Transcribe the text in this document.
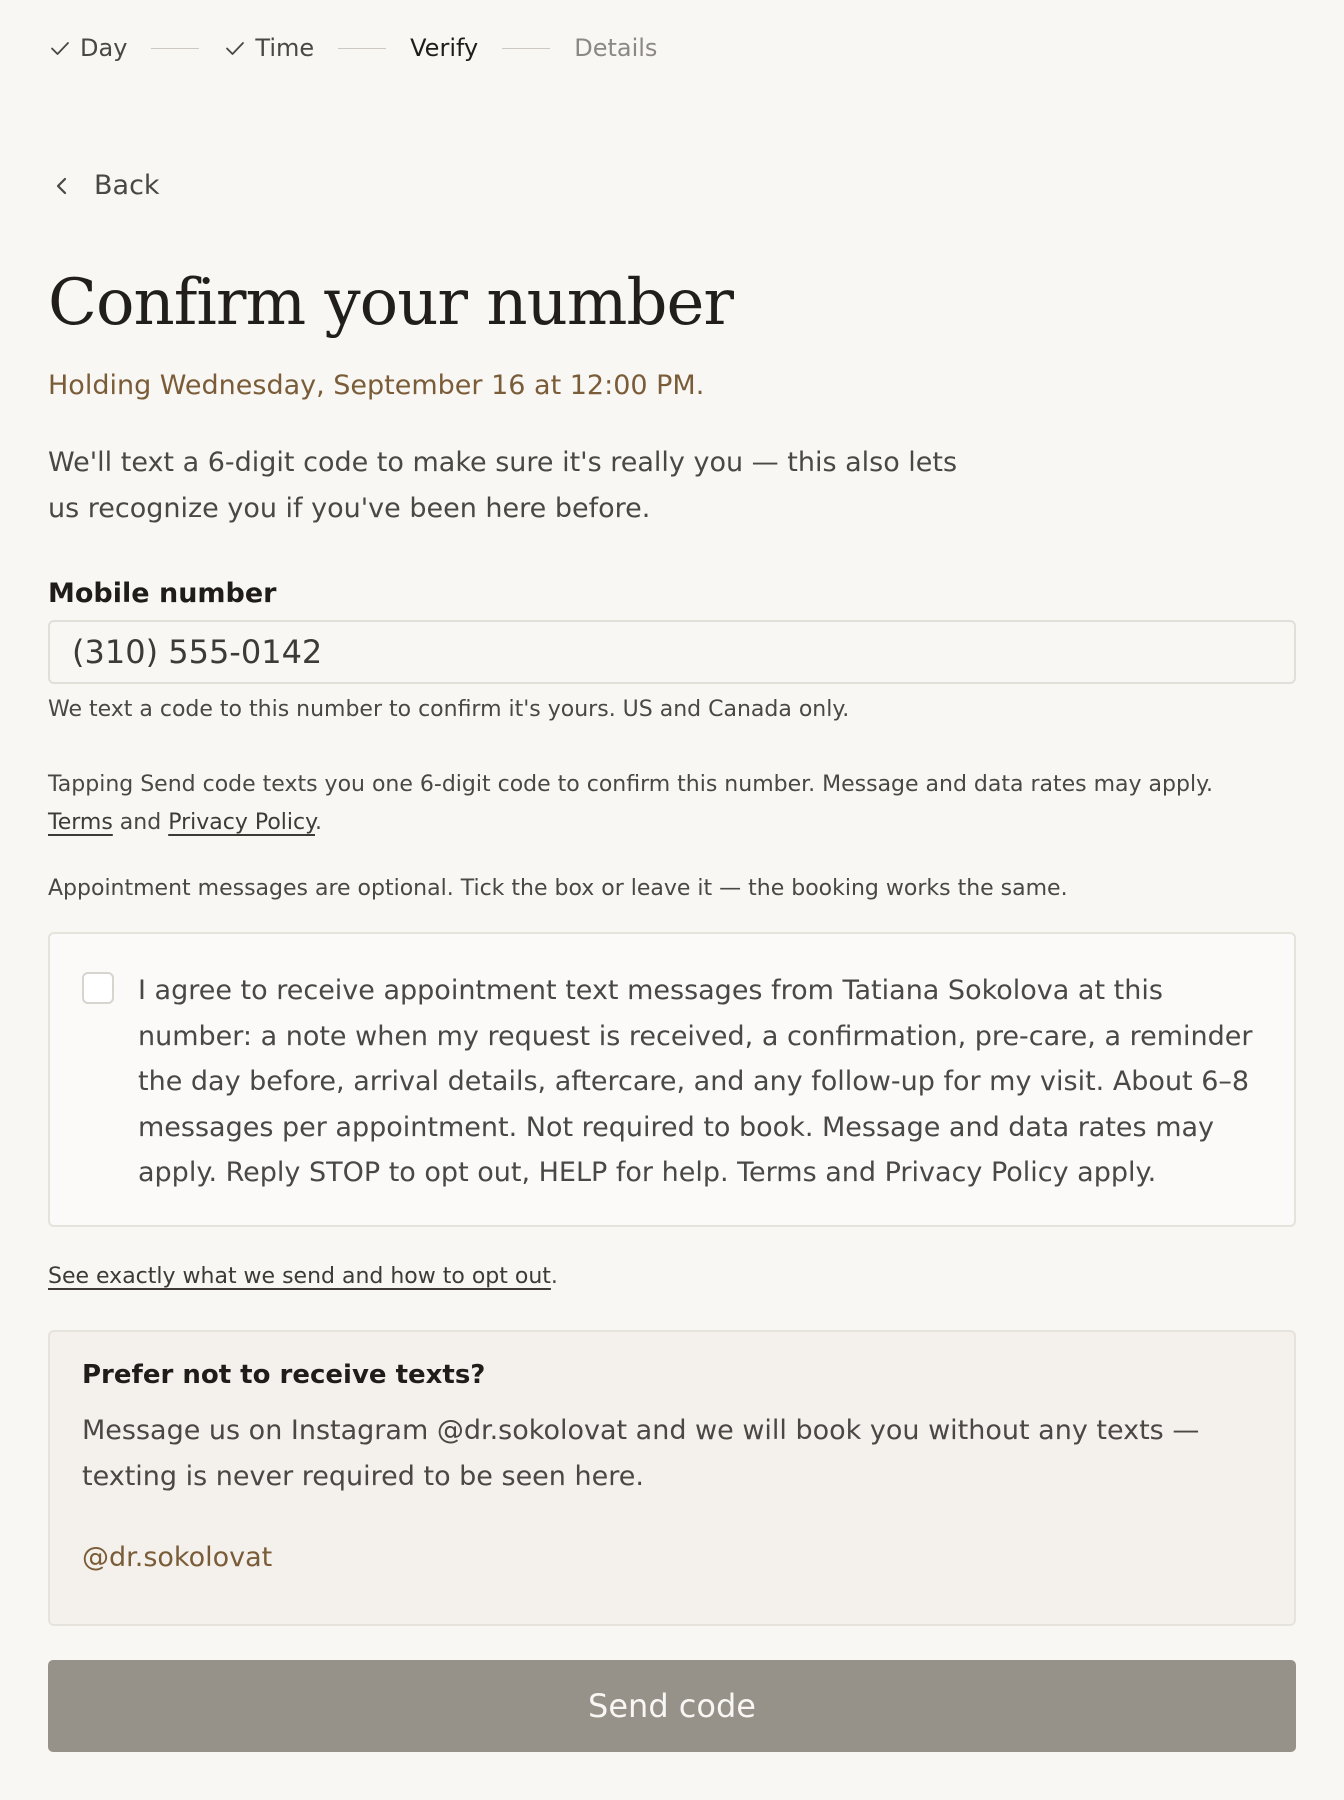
Day	Time	Verify	Details
Back
Confirm your number

Holding Wednesday, September 16 at 12:00 PM.

We'll text a 6-digit code to make sure it's really you — this also lets us recognize you if you've been here before.

Mobile number
(310) 555-0142

We text a code to this number to confirm it's yours. US and Canada only.

Tapping Send code texts you one 6-digit code to confirm this number. Message and data rates may apply.
Terms and Privacy Policy.

Appointment messages are optional. Tick the box or leave it — the booking works the same.

I agree to receive appointment text messages from Tatiana Sokolova at this number: a note when my request is received, a confirmation, pre-care, a reminder the day before, arrival details, aftercare, and any follow-up for my visit. About 6–8 messages per appointment. Not required to book. Message and data rates may apply. Reply STOP to opt out, HELP for help. Terms and Privacy Policy apply.

See exactly what we send and how to opt out.

Prefer not to receive texts?

Message us on Instagram @dr.sokolovat and we will book you without any texts — texting is never required to be seen here.

@dr.sokolovat
Send code
